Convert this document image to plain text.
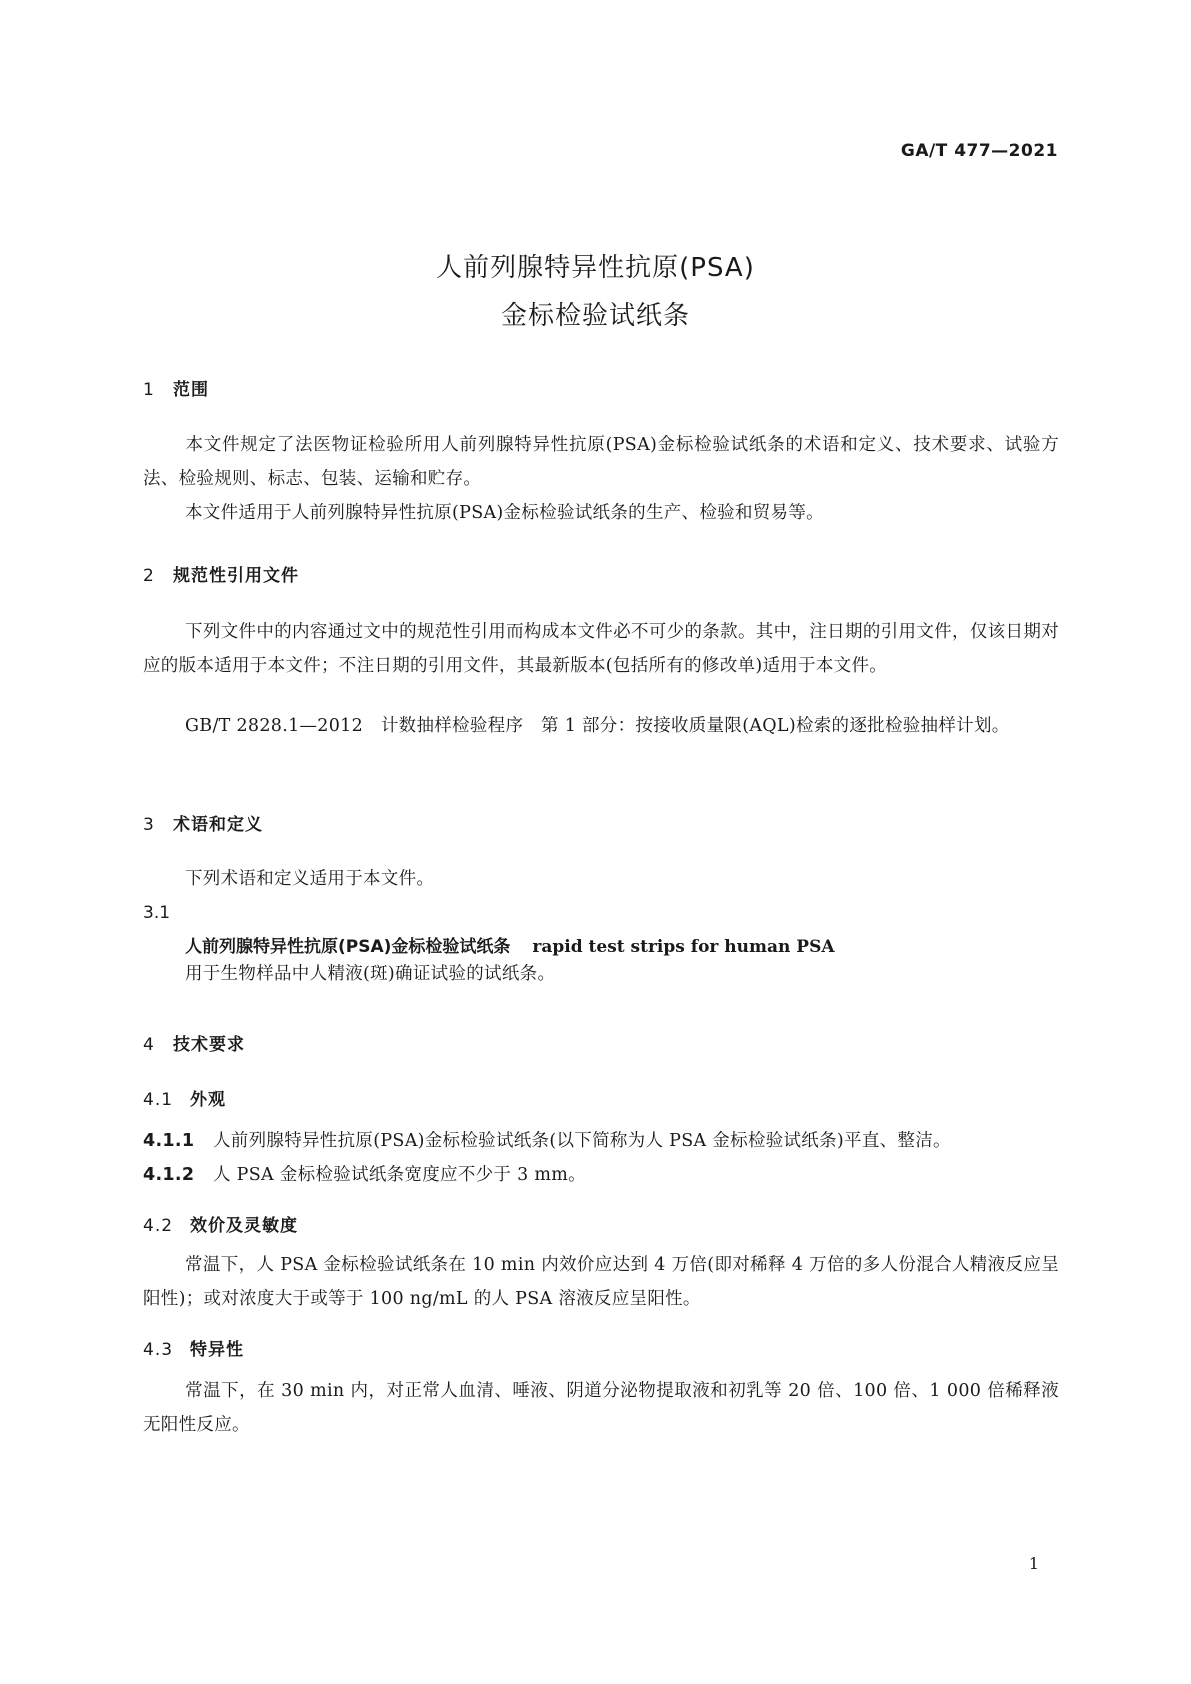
GA/T 477—2021
人前列腺特异性抗原(PSA)
金标检验试纸条
1 范围
本文件规定了法医物证检验所用人前列腺特异性抗原(PSA)金标检验试纸条的术语和定义、技术要求、试验方法、检验规则、标志、包装、运输和贮存。
本文件适用于人前列腺特异性抗原(PSA)金标检验试纸条的生产、检验和贸易等。
2 规范性引用文件
下列文件中的内容通过文中的规范性引用而构成本文件必不可少的条款。其中，注日期的引用文件，仅该日期对应的版本适用于本文件；不注日期的引用文件，其最新版本(包括所有的修改单)适用于本文件。
GB/T 2828.1—2012　计数抽样检验程序　第 1 部分：按接收质量限(AQL)检索的逐批检验抽样计划。
3 术语和定义
下列术语和定义适用于本文件。
3.1
人前列腺特异性抗原(PSA)金标检验试纸条 rapid test strips for human PSA
用于生物样品中人精液(斑)确证试验的试纸条。
4 技术要求
4.1 外观
4.1.1 人前列腺特异性抗原(PSA)金标检验试纸条(以下简称为人 PSA 金标检验试纸条)平直、整洁。
4.1.2 人 PSA 金标检验试纸条宽度应不少于 3 mm。
4.2 效价及灵敏度
常温下，人 PSA 金标检验试纸条在 10 min 内效价应达到 4 万倍(即对稀释 4 万倍的多人份混合人精液反应呈阳性)；或对浓度大于或等于 100 ng/mL 的人 PSA 溶液反应呈阳性。
4.3 特异性
常温下，在 30 min 内，对正常人血清、唾液、阴道分泌物提取液和初乳等 20 倍、100 倍、1 000 倍稀释液无阳性反应。
1
